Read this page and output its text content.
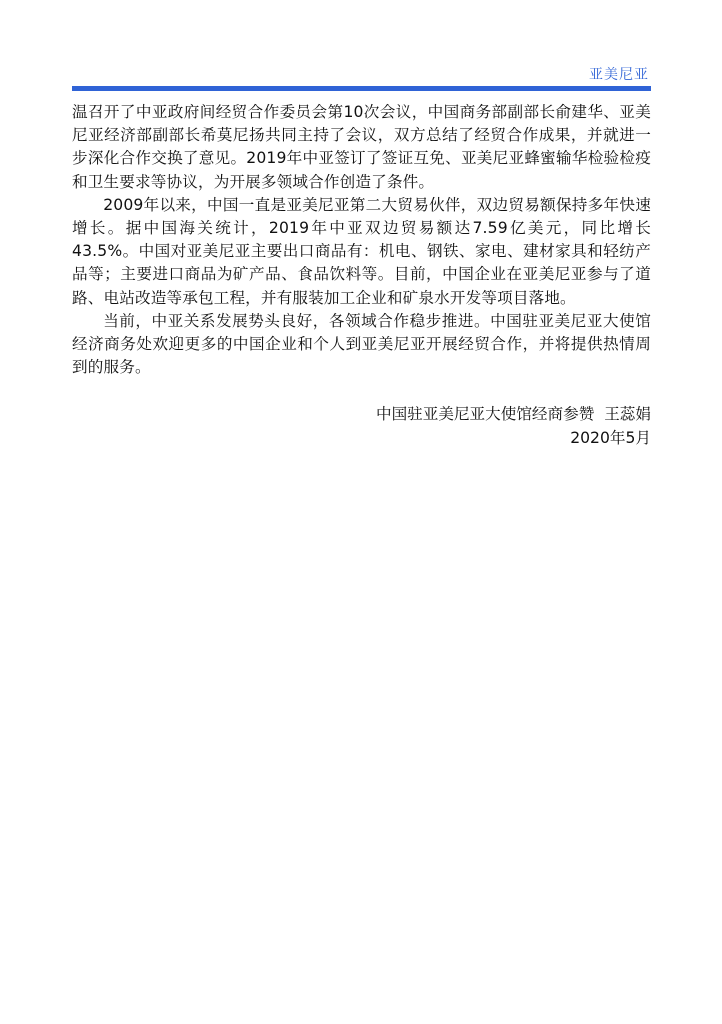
亚美尼亚

温召开了中亚政府间经贸合作委员会第10次会议，中国商务部副部长俞建华、亚美尼亚经济部副部长希莫尼扬共同主持了会议，双方总结了经贸合作成果，并就进一步深化合作交换了意见。2019年中亚签订了签证互免、亚美尼亚蜂蜜输华检验检疫和卫生要求等协议，为开展多领域合作创造了条件。

2009年以来，中国一直是亚美尼亚第二大贸易伙伴，双边贸易额保持多年快速增长。据中国海关统计，2019年中亚双边贸易额达7.59亿美元，同比增长43.5%。中国对亚美尼亚主要出口商品有：机电、钢铁、家电、建材家具和轻纺产品等；主要进口商品为矿产品、食品饮料等。目前，中国企业在亚美尼亚参与了道路、电站改造等承包工程，并有服装加工企业和矿泉水开发等项目落地。

当前，中亚关系发展势头良好，各领域合作稳步推进。中国驻亚美尼亚大使馆经济商务处欢迎更多的中国企业和个人到亚美尼亚开展经贸合作，并将提供热情周到的服务。

中国驻亚美尼亚大使馆经商参赞  王蕊娟
2020年5月
